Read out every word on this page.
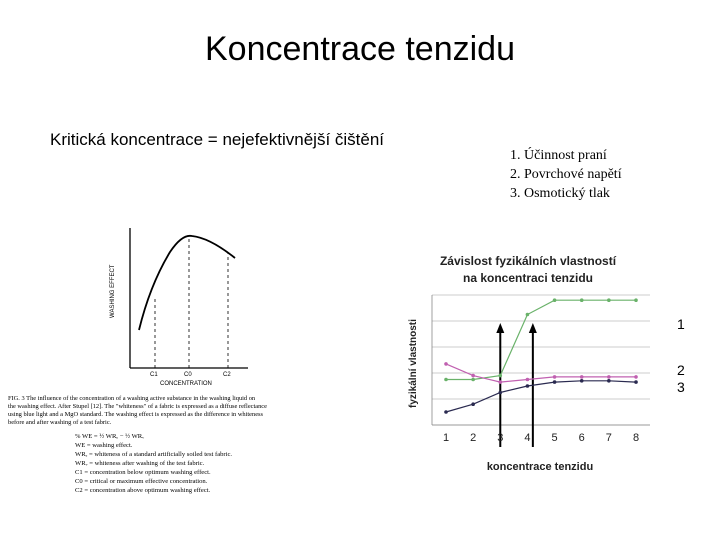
Koncentrace tenzidu
Kritická koncentrace = nejefektivnější čištění
1. Účinnost praní
2. Povrchové napětí
3. Osmotický tlak
WASHING EFFECT
C1	C0	C2
CONCENTRATION
FIG. 3 The influence of the concentration of a washing active substance in the washing liquid on
the washing effect. After Stupel [12]. The "whiteness" of a fabric is expressed as a diffuse reflectance
using blue light and a MgO standard. The washing effect is expressed as the difference in whiteness
before and after washing of a test fabric.
% WE = ½ WRₑ − ½ WRᵥ
WE = washing effect.
WRₑ = whiteness of a standard artificially soiled test fabric.
WRᵥ = whiteness after washing of the test fabric.
C1 = concentration below optimum washing effect.
C0 = critical or maximum effective concentration.
C2 = concentration above optimum washing effect.
Závislost fyzikálních vlastností
na koncentraci tenzidu
fyzikální vlastnosti
koncentrace tenzidu
1 2 3 4 5 6 7 8
1
2
3
